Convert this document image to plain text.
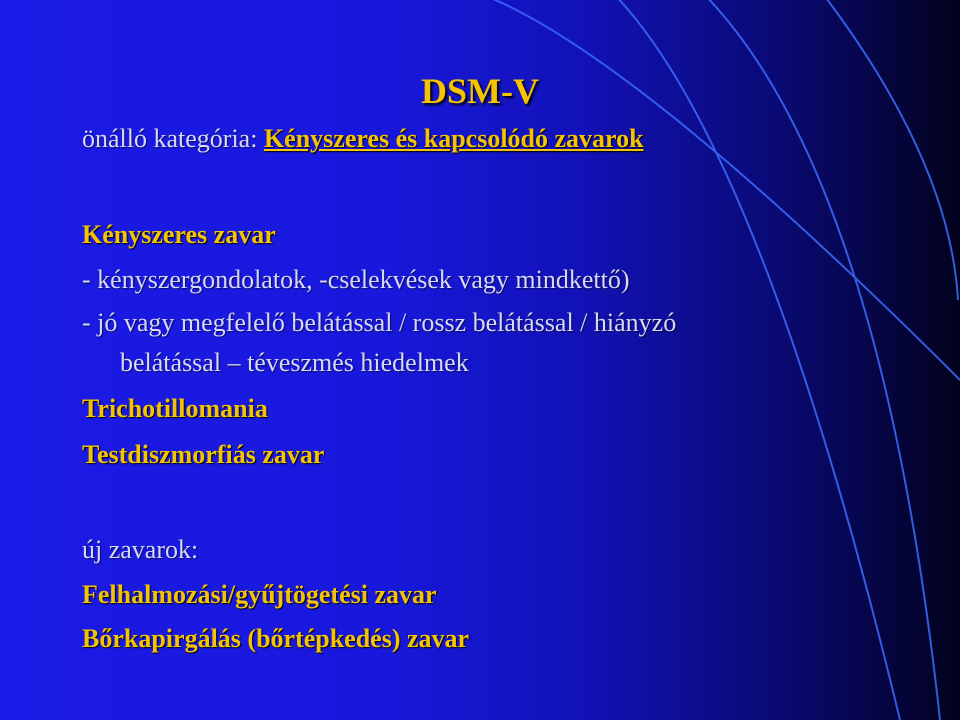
DSM-V
önálló kategória: Kényszeres és kapcsolódó zavarok
Kényszeres zavar
- kényszergondolatok, -cselekvések vagy mindkettő)
- jó vagy megfelelő belátással / rossz belátással / hiányzó
belátással – téveszmés hiedelmek
Trichotillomania
Testdiszmorfiás zavar
új zavarok:
Felhalmozási/gyűjtögetési zavar
Bőrkapirgálás (bőrtépkedés) zavar
